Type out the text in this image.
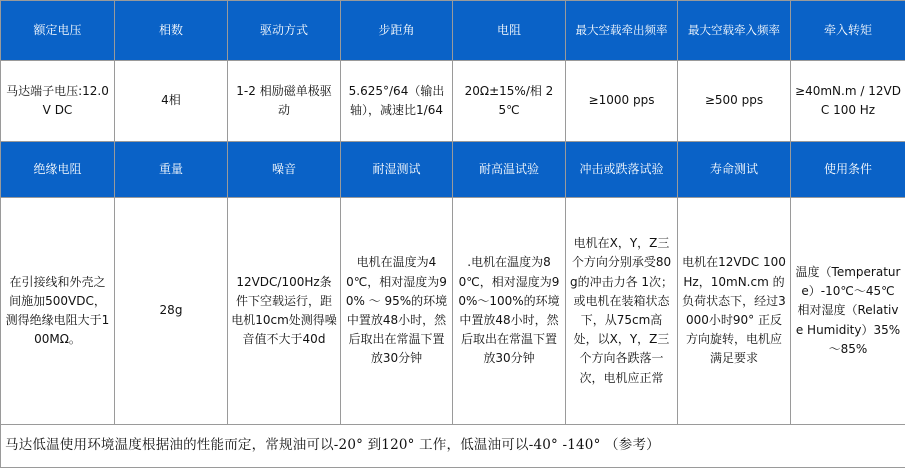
额定电压	相数	驱动方式	步距角	电阻	最大空载牵出频率	最大空载牵入频率	牵入转矩
马达端子电压:12.0V DC	4相	1-2 相励磁单极驱动	5.625°/64（输出轴），减速比1/64	20Ω±15%/相 25℃	≥1000 pps	≥500 pps	≥40mN.m / 12VDC 100 Hz
绝缘电阻	重量	噪音	耐湿测试	耐高温试验	冲击或跌落试验	寿命测试	使用条件
在引接线和外壳之间施加500VDC，测得绝缘电阻大于100MΩ。	28g	12VDC/100Hz条件下空载运行，距电机10cm处测得噪音值不大于40d	电机在温度为40℃，相对湿度为90% ～ 95%的环境中置放48小时，然后取出在常温下置放30分钟	.电机在温度为80℃，相对湿度为90%～100%的环境中置放48小时，然后取出在常温下置放30分钟	电机在X，Y，Z三个方向分别承受80g的冲击力各 1次；或电机在装箱状态下，从75cm高处，以X，Y，Z三个方向各跌落一次，电机应正常	电机在12VDC 100 Hz，10mN.cm 的负荷状态下，经过3000小时90° 正反方向旋转，电机应满足要求	温度（Temperature）-10℃～45℃ 相对湿度（Relative Humidity）35%～85%
马达低温使用环境温度根据油的性能而定，常规油可以-20° 到120° 工作，低温油可以-40° -140° （参考）							
